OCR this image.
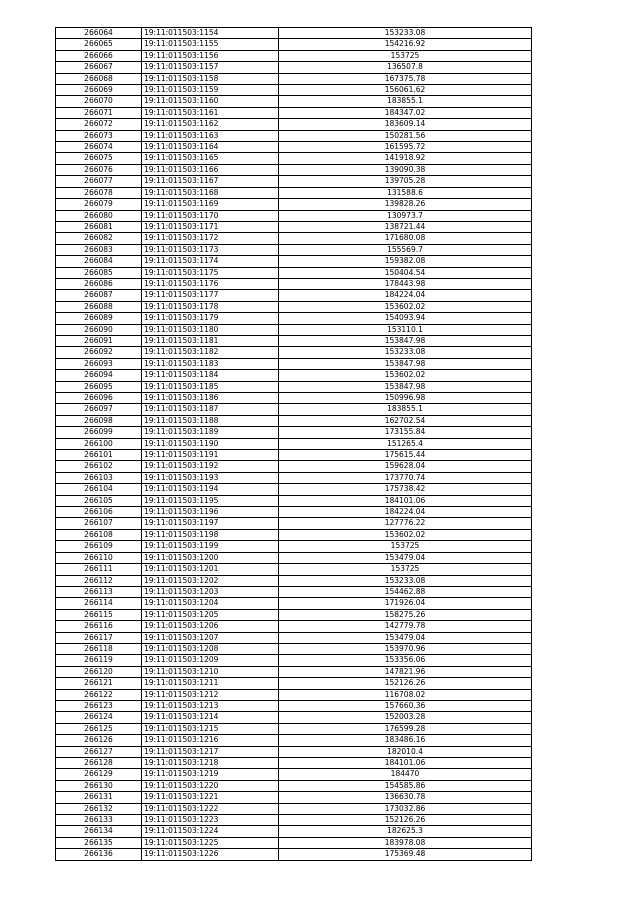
266064	19:11:011503:1154	153233.08
266065	19:11:011503:1155	154216.92
266066	19:11:011503:1156	153725
266067	19:11:011503:1157	136507.8
266068	19:11:011503:1158	167375.78
266069	19:11:011503:1159	156061.62
266070	19:11:011503:1160	183855.1
266071	19:11:011503:1161	184347.02
266072	19:11:011503:1162	183609.14
266073	19:11:011503:1163	150281.56
266074	19:11:011503:1164	161595.72
266075	19:11:011503:1165	141918.92
266076	19:11:011503:1166	139090.38
266077	19:11:011503:1167	139705.28
266078	19:11:011503:1168	131588.6
266079	19:11:011503:1169	139828.26
266080	19:11:011503:1170	130973.7
266081	19:11:011503:1171	138721.44
266082	19:11:011503:1172	171680.08
266083	19:11:011503:1173	155569.7
266084	19:11:011503:1174	159382.08
266085	19:11:011503:1175	150404.54
266086	19:11:011503:1176	178443.98
266087	19:11:011503:1177	184224.04
266088	19:11:011503:1178	153602.02
266089	19:11:011503:1179	154093.94
266090	19:11:011503:1180	153110.1
266091	19:11:011503:1181	153847.98
266092	19:11:011503:1182	153233.08
266093	19:11:011503:1183	153847.98
266094	19:11:011503:1184	153602.02
266095	19:11:011503:1185	153847.98
266096	19:11:011503:1186	150996.98
266097	19:11:011503:1187	183855.1
266098	19:11:011503:1188	162702.54
266099	19:11:011503:1189	173155.84
266100	19:11:011503:1190	151265.4
266101	19:11:011503:1191	175615.44
266102	19:11:011503:1192	159628.04
266103	19:11:011503:1193	173770.74
266104	19:11:011503:1194	175738.42
266105	19:11:011503:1195	184101.06
266106	19:11:011503:1196	184224.04
266107	19:11:011503:1197	127776.22
266108	19:11:011503:1198	153602.02
266109	19:11:011503:1199	153725
266110	19:11:011503:1200	153479.04
266111	19:11:011503:1201	153725
266112	19:11:011503:1202	153233.08
266113	19:11:011503:1203	154462.88
266114	19:11:011503:1204	171926.04
266115	19:11:011503:1205	158275.26
266116	19:11:011503:1206	142779.78
266117	19:11:011503:1207	153479.04
266118	19:11:011503:1208	153970.96
266119	19:11:011503:1209	153356.06
266120	19:11:011503:1210	147821.96
266121	19:11:011503:1211	152126.26
266122	19:11:011503:1212	116708.02
266123	19:11:011503:1213	157660.36
266124	19:11:011503:1214	152003.28
266125	19:11:011503:1215	176599.28
266126	19:11:011503:1216	183486.16
266127	19:11:011503:1217	182010.4
266128	19:11:011503:1218	184101.06
266129	19:11:011503:1219	184470
266130	19:11:011503:1220	154585.86
266131	19:11:011503:1221	136630.78
266132	19:11:011503:1222	173032.86
266133	19:11:011503:1223	152126.26
266134	19:11:011503:1224	182625.3
266135	19:11:011503:1225	183978.08
266136	19:11:011503:1226	175369.48
